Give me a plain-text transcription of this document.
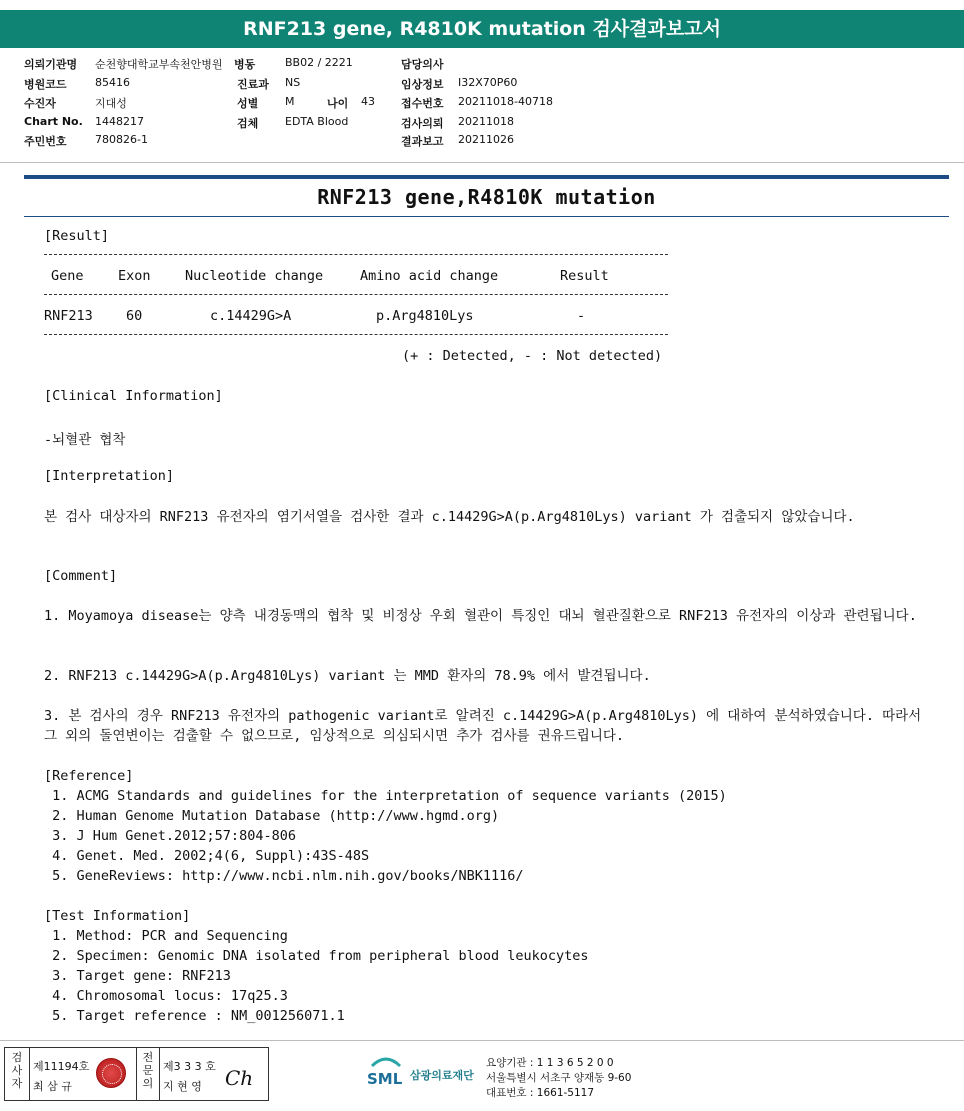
RNF213 gene, R4810K mutation 검사결과보고서
의뢰기관명 순천향대학교부속천안병원 병동	BB02 / 2221	담당의사
병원코드	85416	진료과 NS	임상정보 I32X70P60
수진자	지대성	성별 M	나이 43 접수번호 20211018-40718
Chart No. 1448217	검체 EDTA Blood	검사의뢰 20211018
주민번호	780826-1	결과보고 20211026
RNF213 gene,R4810K mutation
[Result]
Gene	Exon	Nucleotide change	Amino acid change	Result
RNF213 60	c.14429G>A	p.Arg4810Lys	-
(+ : Detected, - : Not detected)
[Clinical Information]
-뇌혈관 협착
[Interpretation]
본 검사 대상자의 RNF213 유전자의 염기서열을 검사한 결과 c.14429G>A(p.Arg4810Lys) variant 가 검출되지 않았습니다.
[Comment]
1. Moyamoya disease는 양측 내경동맥의 협착 및 비정상 우회 혈관이 특징인 대뇌 혈관질환으로 RNF213 유전자의 이상과 관련됩니다.
2. RNF213 c.14429G>A(p.Arg4810Lys) variant 는 MMD 환자의 78.9% 에서 발견됩니다.
3. 본 검사의 경우 RNF213 유전자의 pathogenic variant로 알려진 c.14429G>A(p.Arg4810Lys) 에 대하여 분석하였습니다. 따라서 그 외의 돌연변이는 검출할 수 없으므로, 임상적으로 의심되시면 추가 검사를 권유드립니다.
[Reference]
1. ACMG Standards and guidelines for the interpretation of sequence variants (2015)
2. Human Genome Mutation Database (http://www.hgmd.org)
3. J Hum Genet.2012;57:804-806
4. Genet. Med. 2002;4(6, Suppl):43S-48S
5. GeneReviews: http://www.ncbi.nlm.nih.gov/books/NBK1116/
[Test Information]
1. Method: PCR and Sequencing
2. Specimen: Genomic DNA isolated from peripheral blood leukocytes
3. Target gene: RNF213
4. Chromosomal locus: 17q25.3
5. Target reference : NM_001256071.1
검
사
자
전
문
의
제11194호
최 삼 규
제3 3 3 호
지 현 영 Ch	SML 삼광의료재단
요양기관 : 1 1 3 6 5 2 0 0
서울특별시 서초구 양재동 9-60
대표번호 : 1661-5117
